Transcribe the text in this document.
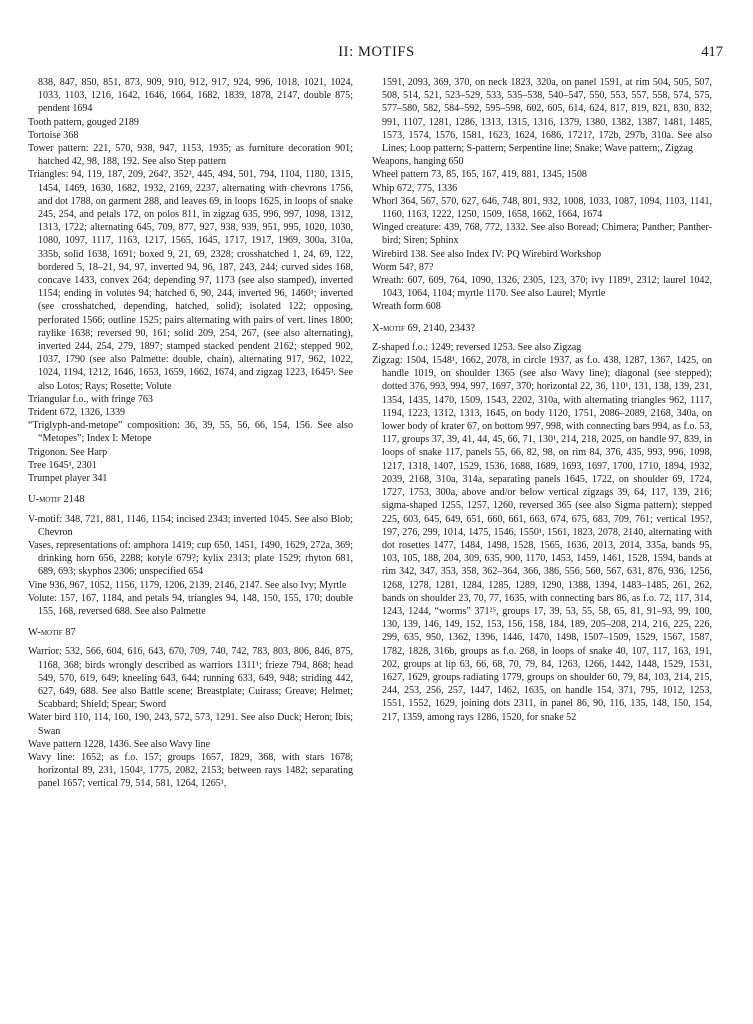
II: MOTIFS	417

838, 847, 850, 851, 873, 909, 910, 912, 917, 924, 996, 1018, 1021, 1024, 1033, 1103, 1216, 1642, 1646, 1664, 1682, 1839, 1878, 2147, double 875; pendent 1694

Tooth pattern, gouged 2189

Tortoise 368

Tower pattern: 221, 570, 938, 947, 1153, 1935; as furniture decoration 901; hatched 42, 98, 188, 192. See also Step pattern

Triangles: 94, 119, 187, 209, 264?, 352¹, 445, 494, 501, 794, 1104, 1180, 1315, 1454, 1469, 1630, 1682, 1932, 2169, 2237, alternating with chevrons 1756, and dot 1788, on garment 288, and leaves 69, in loops 1625, in loops of snake 245, 254, and petals 172, on polos 811, in zigzag 635, 996, 997, 1098, 1312, 1313, 1722; alternating 645, 709, 877, 927, 938, 939, 951, 995, 1020, 1030, 1080, 1097, 1117, 1163, 1217, 1565, 1645, 1717, 1917, 1969, 300a, 310a, 335b, solid 1638, 1691; boxed 9, 21, 69, 2328; crosshatched 1, 24, 69, 122, bordered 5, 18–21, 94, 97, inverted 94, 96, 187, 243, 244; curved sides 168, concave 1433, convex 264; depending 97, 1173 (see also stamped), inverted 1154; ending in volutes 94; hatched 6, 90, 244, inverted 96, 1460¹; inverted (see crosshatched, depending, hatched, solid); isolated 122; opposing, perforated 1566; outline 1525; pairs alternating with pairs of vert. lines 1800; raylike 1638; reversed 90, 161; solid 209, 254, 267, (see also alternating), inverted 244, 254, 279, 1897; stamped stacked pendent 2162; stepped 902, 1037, 1790 (see also Palmette: double, chain), alternating 917, 962, 1022, 1024, 1194, 1212, 1646, 1653, 1659, 1662, 1674, and zigzag 1223, 1645³. See also Lotos; Rays; Rosette; Volute

Triangular f.o., with fringe 763

Trident 672, 1326, 1339

“Triglyph-and-metope” composition: 36, 39, 55, 56, 66, 154, 156. See also “Metopes”; Index I: Metope

Trigonon. See Harp

Tree 1645¹, 2301

Trumpet player 341

U-motif 2148

V-motif: 348, 721, 881, 1146, 1154; incised 2343; inverted 1045. See also Blob; Chevron

Vases, representations of: amphora 1419; cup 650, 1451, 1490, 1629, 272a, 369; drinking horn 656, 2288; kotyle 679?; kylix 2313; plate 1529; rhyton 681, 689, 693; skyphos 2306; unspecified 654

Vine 936, 967, 1052, 1156, 1179, 1206, 2139, 2146, 2147. See also Ivy; Myrtle

Volute: 157, 167, 1184, and petals 94, triangles 94, 148, 150, 155, 170; double 155, 168, reversed 688. See also Palmette

W-motif 87

Warrior: 532, 566, 604, 616, 643, 670, 709, 740, 742, 783, 803, 806, 846, 875, 1168, 368; birds wrongly described as warriors 1311¹; frieze 794, 868; head 549, 570, 619, 649; kneeling 643, 644; running 633, 649, 948; striding 442, 627, 649, 688. See also Battle scene; Breastplate; Cuirass; Greave; Helmet; Scabbard; Shield; Spear; Sword

Water bird 110, 114, 160, 190, 243, 572, 573, 1291. See also Duck; Heron; Ibis; Swan

Wave pattern 1228, 1436. See also Wavy line

Wavy line: 1652; as f.o. 157; groups 1657, 1829, 368, with stars 1678; horizontal 89, 231, 1504², 1775, 2082, 2153; between rays 1482; separating panel 1657; vertical 79, 514, 581, 1264, 1265¹,

1591, 2093, 369, 370, on neck 1823, 320a, on panel 1591, at rim 504, 505, 507, 508, 514, 521, 523–529, 533, 535–538, 540–547, 550, 553, 557, 558, 574, 575, 577–580, 582, 584–592, 595–598, 602, 605, 614, 624, 817, 819, 821, 830, 832, 991, 1107, 1281, 1286, 1313, 1315, 1316, 1379, 1380, 1382, 1387, 1481, 1485, 1573, 1574, 1576, 1581, 1623, 1624, 1686, 1721?, 172b, 297b, 310a. See also Lines; Loop pattern; S-pattern; Serpentine line; Snake; Wave pattern;, Zigzag

Weapons, hanging 650

Wheel pattern 73, 85, 165, 167, 419, 881, 1345, 1508

Whip 672, 775, 1336

Whorl 364, 567, 570, 627, 646, 748, 801, 932, 1008, 1033, 1087, 1094, 1103, 1141, 1160, 1163, 1222, 1250, 1509, 1658, 1662, 1664, 1674

Winged creature: 439, 768, 772, 1332. See also Boread; Chimera; Panther; Panther-bird; Siren; Sphinx

Wirebird 138. See also Index IV: PQ Wirebird Workshop

Worm 54?, 87?

Wreath: 607, 609, 764, 1090, 1326, 2305, 123, 370; ivy 1189¹, 2312; laurel 1042, 1043, 1064, 1104; myrtle 1170. See also Laurel; Myrtle

Wreath form 608

X-motif 69, 2140, 2343?

Z-shaped f.o.: 1249; reversed 1253. See also Zigzag

Zigzag: 1504, 1548¹, 1662, 2078, in circle 1937, as f.o. 438, 1287, 1367, 1425, on handle 1019, on shoulder 1365 (see also Wavy line); diagonal (see stepped); dotted 376, 993, 994, 997, 1697, 370; horizontal 22, 36, 110¹, 131, 138, 139, 231, 1354, 1435, 1470, 1509, 1543, 2202, 310a, with alternating triangles 962, 1117, 1194, 1223, 1312, 1313, 1645, on body 1120, 1751, 2086–2089, 2168, 340a, on lower body of krater 67, on bottom 997, 998, with connecting bars 994, as f.o. 53, 117, groups 37, 39, 41, 44, 45, 66, 71, 130¹, 214, 218, 2025, on handle 97, 839, in loops of snake 117, panels 55, 66, 82, 98, on rim 84, 376, 435, 993, 996, 1098, 1217, 1318, 1407, 1529, 1536, 1688, 1689, 1693, 1697, 1700, 1710, 1894, 1932, 2039, 2168, 310a, 314a, separating panels 1645, 1722, on shoulder 69, 1724, 1727, 1753, 300a, above and/or below vertical zigzags 39, 64, 117, 139, 216; sigma-shaped 1255, 1257, 1260, reversed 365 (see also Sigma pattern); stepped 225, 603, 645, 649, 651, 660, 661, 663, 674, 675, 683, 709, 761; vertical 195?, 197, 276, 299, 1014, 1475, 1546, 1550¹, 1561, 1823, 2078, 2140, alternating with dot rosettes 1477, 1484, 1498, 1528, 1565, 1636, 2013, 2014, 335a, bands 95, 103, 105, 188, 204, 309, 635, 900, 1170, 1453, 1459, 1461, 1528, 1594, bands at rim 342, 347, 353, 358, 362–364, 366, 386, 556, 560, 567, 631, 876, 936, 1256, 1268, 1278, 1281, 1284, 1285, 1289, 1290, 1388, 1394, 1483–1485, 261, 262, bands on shoulder 23, 70, 77, 1635, with connecting bars 86, as f.o. 72, 117, 314, 1243, 1244, “worms” 371²⁵, groups 17, 39, 53, 55, 58, 65, 81, 91–93, 99, 100, 130, 139, 146, 149, 152, 153, 156, 158, 184, 189, 205–208, 214, 216, 225, 226, 299, 635, 950, 1362, 1396, 1446, 1470, 1498, 1507–1509, 1529, 1567, 1587, 1782, 1828, 316b, groups as f.o. 268, in loops of snake 40, 107, 117, 163, 191, 202, groups at lip 63, 66, 68, 70, 79, 84, 1263, 1266, 1442, 1448, 1529, 1531, 1627, 1629, groups radiating 1779, groups on shoulder 60, 79, 84, 103, 214, 215, 244, 253, 256, 257, 1447, 1462, 1635, on handle 154, 371, 795, 1012, 1253, 1551, 1552, 1629, joining dots 2311, in panel 86, 90, 116, 135, 148, 150, 154, 217, 1359, among rays 1286, 1520, for snake 52
